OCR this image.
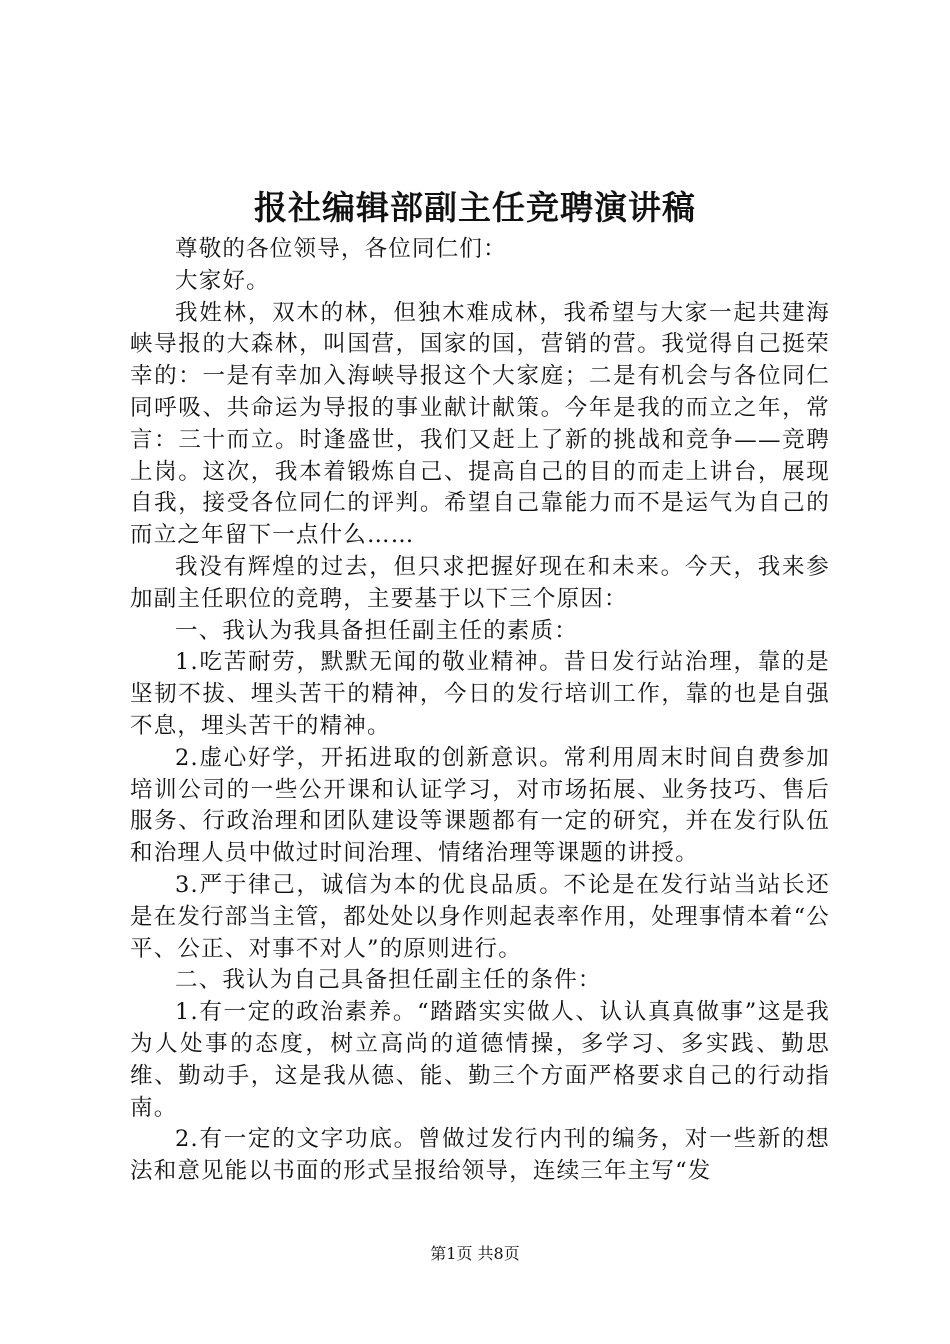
报社编辑部副主任竞聘演讲稿

尊敬的各位领导，各位同仁们：

大家好。

我姓林，双木的林，但独木难成林，我希望与大家一起共建海峡导报的大森林，叫国营，国家的国，营销的营。我觉得自己挺荣幸的：一是有幸加入海峡导报这个大家庭；二是有机会与各位同仁同呼吸、共命运为导报的事业献计献策。今年是我的而立之年，常言：三十而立。时逢盛世，我们又赶上了新的挑战和竞争——竞聘上岗。这次，我本着锻炼自己、提高自己的目的而走上讲台，展现自我，接受各位同仁的评判。希望自己靠能力而不是运气为自己的而立之年留下一点什么……

我没有辉煌的过去，但只求把握好现在和未来。今天，我来参加副主任职位的竞聘，主要基于以下三个原因：

一、我认为我具备担任副主任的素质：

1.吃苦耐劳，默默无闻的敬业精神。昔日发行站治理，靠的是坚韧不拔、埋头苦干的精神，今日的发行培训工作，靠的也是自强不息，埋头苦干的精神。

2.虚心好学，开拓进取的创新意识。常利用周末时间自费参加培训公司的一些公开课和认证学习，对市场拓展、业务技巧、售后服务、行政治理和团队建设等课题都有一定的研究，并在发行队伍和治理人员中做过时间治理、情绪治理等课题的讲授。

3.严于律己，诚信为本的优良品质。不论是在发行站当站长还是在发行部当主管，都处处以身作则起表率作用，处理事情本着“公平、公正、对事不对人”的原则进行。

二、我认为自己具备担任副主任的条件：

1.有一定的政治素养。“踏踏实实做人、认认真真做事”这是我为人处事的态度，树立高尚的道德情操，多学习、多实践、勤思维、勤动手，这是我从德、能、勤三个方面严格要求自己的行动指南。

2.有一定的文字功底。曾做过发行内刊的编务，对一些新的想法和意见能以书面的形式呈报给领导，连续三年主写“发

第1页 共8页
